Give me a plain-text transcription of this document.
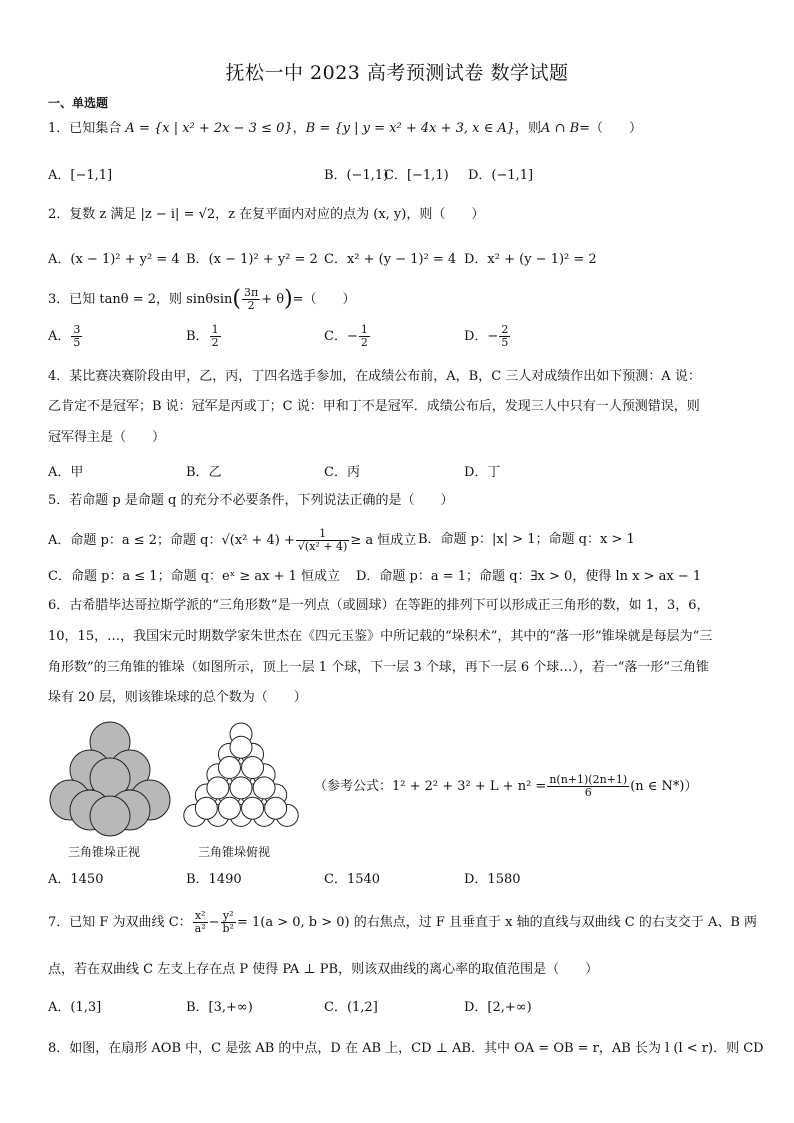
抚松一中 2023 高考预测试卷 数学试题
一、单选题
1．已知集合 A = {x | x² + 2x − 3 ≤ 0}，B = {y | y = x² + 4x + 3, x ∈ A}，则A ∩ B=（　　）
A．[−1,1]	B．(−1,1)
C．[−1,1) D．(−1,1]
2．复数 z 满足 |z − i| = √2，z 在复平面内对应的点为 (x, y)，则（　　）
A．(x − 1)² + y² = 4 B．(x − 1)² + y² = 2 C．x² + (y − 1)² = 4 D．x² + (y − 1)² = 2
3．已知 tanθ = 2，则 $\sin\theta\sin( \frac{3\pi}{2} + \theta)=$（　　）
A． $\frac{3}{5}$	B． $\frac{1}{2}$	C．− $\frac{1}{2}$	D．− $\frac{2}{5}$
4．某比赛决赛阶段由甲，乙，丙，丁四名选手参加，在成绩公布前，A，B，C 三人对成绩作出如下预测：A 说：
乙肯定不是冠军；B 说：冠军是丙或丁；C 说：甲和丁不是冠军．成绩公布后，发现三人中只有一人预测错误，则
冠军得主是（　　）
A．甲	B．乙	C．丙	D．丁
5．若命题 p 是命题 q 的充分不必要条件，下列说法正确的是（　　）
A．命题 p：a ≤ 2；命题 q：$√(x^2 + 4) + \frac{1}{\text{√(x² + 4)}} \ge a$ 恒成立 B．命题 p：|x| > 1；命题 q：x > 1
C．命题 p：a ≤ 1；命题 q：eˣ ≥ ax + 1 恒成立 D．命题 p：a = 1；命题 q：∃x > 0，使得 ln x > ax − 1
6．古希腊毕达哥拉斯学派的“三角形数”是一列点（或圆球）在等距的排列下可以形成正三角形的数，如 1，3，6，
10，15，…，我国宋元时期数学家朱世杰在《四元玉鉴》中所记载的“垛积术”，其中的“落一形”锥垛就是每层为“三
角形数”的三角锥的锥垛（如图所示，顶上一层 1 个球，下一层 3 个球，再下一层 6 个球…），若一“落一形”三角锥
垛有 20 层，则该锥垛球的总个数为（　　）
三角锥垛正视	三角锥垛俯视
（参考公式：$1^2 + 2^2 + 3^2 + L + n^2 = \frac{n(n+1)(2n+1)}{6} (n$ ∈ N*)）
A．1450	B．1490	C．1540	D．1580
7．已知 F 为双曲线 C： $\frac{\text{x²}}{\text{a²}} - \frac{\text{y²}}{\text{b²}} = 1(a > 0$, b > 0) 的右焦点，过 F 且垂直于 x 轴的直线与双曲线 C 的右支交于 A、B 两
点，若在双曲线 C 左支上存在点 P 使得 PA ⊥ PB，则该双曲线的离心率的取值范围是（　　）
A．(1,3]	B．[3,+∞)	C．(1,2]	D．[2,+∞)
8．如图，在扇形 AOB 中，C 是弦 AB 的中点，D 在 AB 上，CD ⊥ AB．其中 OA = OB = r，AB 长为 l (l < r)．则 CD
